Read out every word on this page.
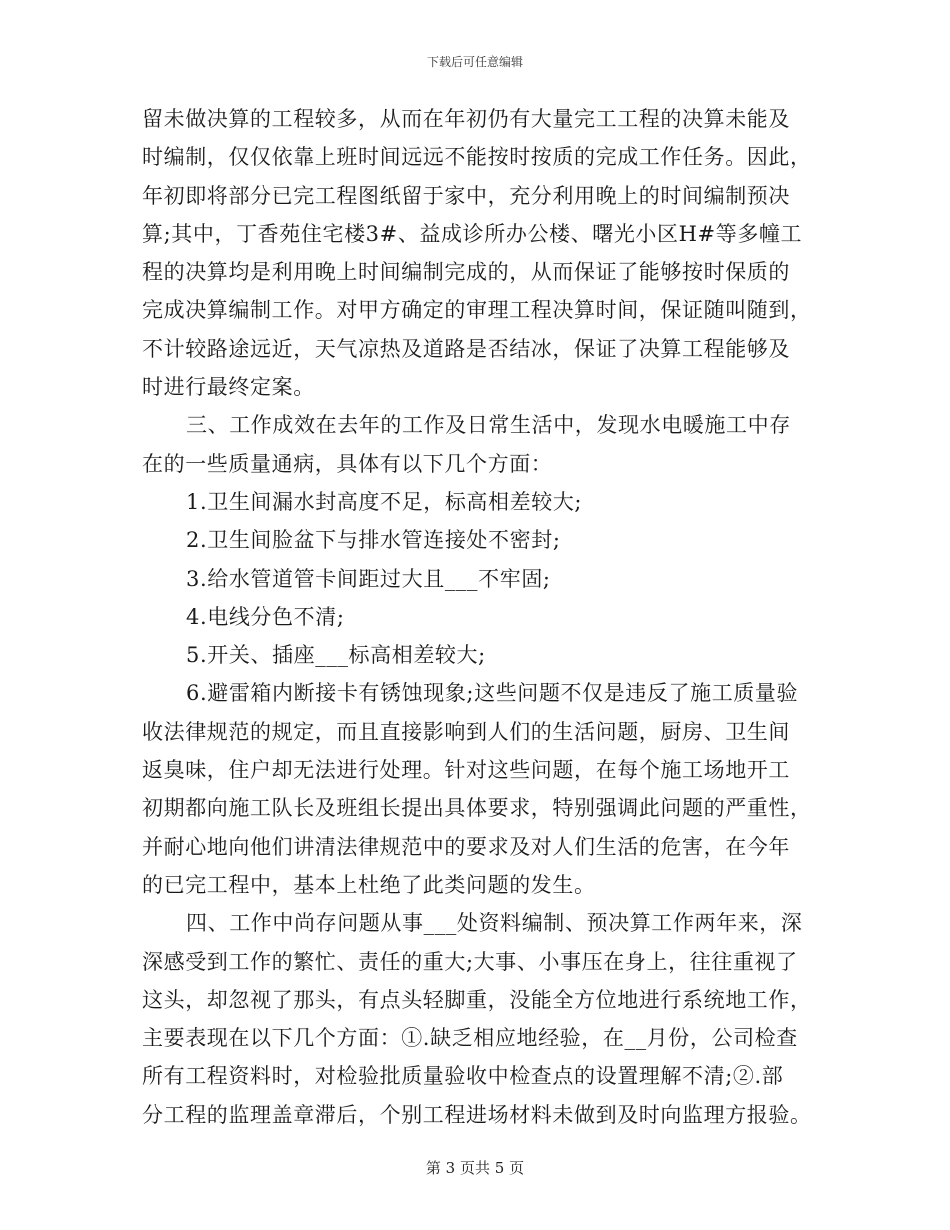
下载后可任意编辑
留未做决算的工程较多，从而在年初仍有大量完工工程的决算未能及
时编制，仅仅依靠上班时间远远不能按时按质的完成工作任务。因此，
年初即将部分已完工程图纸留于家中，充分利用晚上的时间编制预决
算;其中，丁香苑住宅楼3#、益成诊所办公楼、曙光小区H#等多幢工
程的决算均是利用晚上时间编制完成的，从而保证了能够按时保质的
完成决算编制工作。对甲方确定的审理工程决算时间，保证随叫随到，
不计较路途远近，天气凉热及道路是否结冰，保证了决算工程能够及
时进行最终定案。
三、工作成效在去年的工作及日常生活中，发现水电暖施工中存
在的一些质量通病，具体有以下几个方面：
1.卫生间漏水封高度不足，标高相差较大;
2.卫生间脸盆下与排水管连接处不密封;
3.给水管道管卡间距过大且___不牢固;
4.电线分色不清;
5.开关、插座___标高相差较大;
6.避雷箱内断接卡有锈蚀现象;这些问题不仅是违反了施工质量验
收法律规范的规定，而且直接影响到人们的生活问题，厨房、卫生间
返臭味，住户却无法进行处理。针对这些问题，在每个施工场地开工
初期都向施工队长及班组长提出具体要求，特别强调此问题的严重性，
并耐心地向他们讲清法律规范中的要求及对人们生活的危害，在今年
的已完工程中，基本上杜绝了此类问题的发生。
四、工作中尚存问题从事___处资料编制、预决算工作两年来，深
深感受到工作的繁忙、责任的重大;大事、小事压在身上，往往重视了
这头，却忽视了那头，有点头轻脚重，没能全方位地进行系统地工作，
主要表现在以下几个方面：①.缺乏相应地经验，在__月份，公司检查
所有工程资料时，对检验批质量验收中检查点的设置理解不清;②.部
分工程的监理盖章滞后，个别工程进场材料未做到及时向监理方报验。
第 3 页共 5 页
